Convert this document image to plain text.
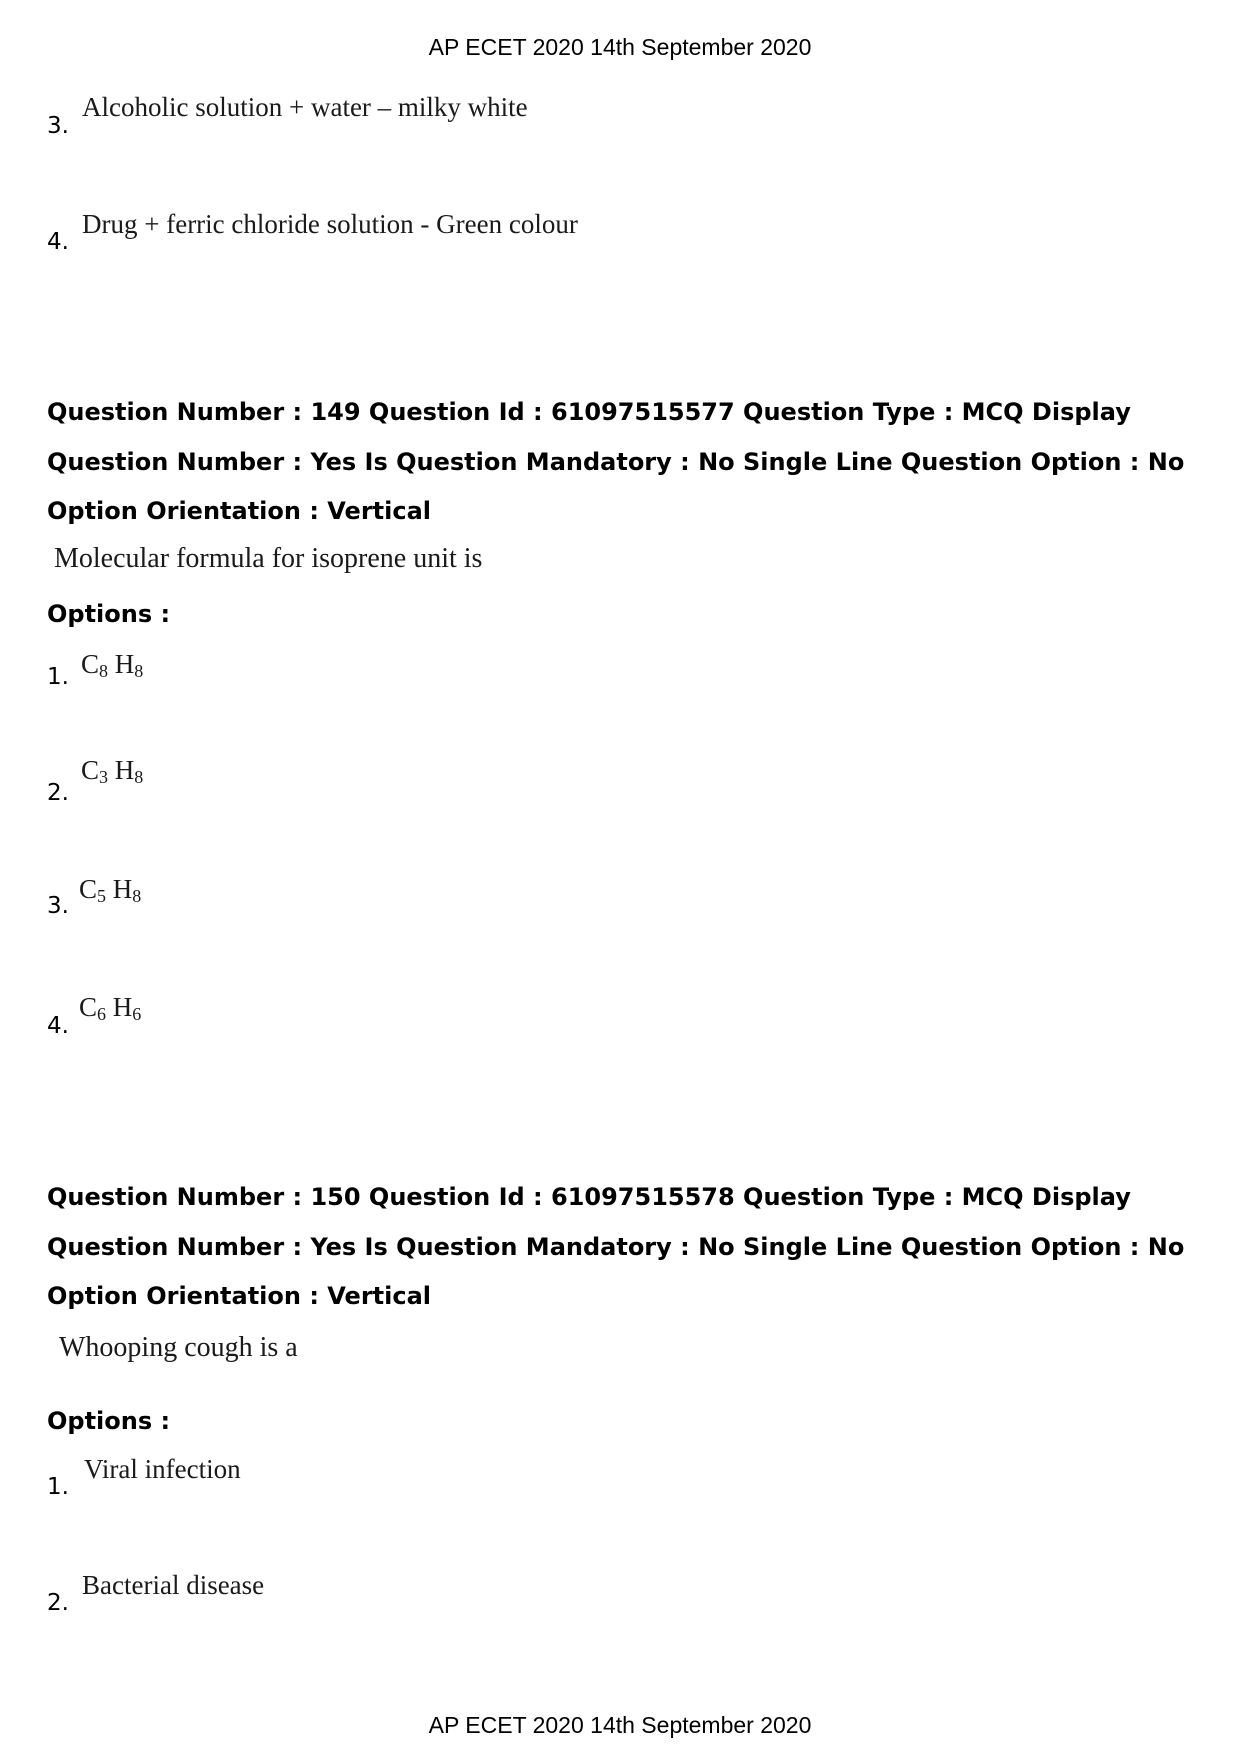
AP ECET 2020 14th September 2020
3.
Alcoholic solution + water – milky white
4.
Drug + ferric chloride solution - Green colour
Question Number : 149 Question Id : 61097515577 Question Type : MCQ Display Question Number : Yes Is Question Mandatory : No Single Line Question Option : No Option Orientation : Vertical
Molecular formula for isoprene unit is
Options :
1. $C_8$ $H_8$
2.
$C_3$ $H_8$
3.
$C_5$ $H_8$
4.
$C_6$ $H_6$
Question Number : 150 Question Id : 61097515578 Question Type : MCQ Display Question Number : Yes Is Question Mandatory : No Single Line Question Option : No Option Orientation : Vertical
Whooping cough is a
Options :
1.
Viral infection
2.
Bacterial disease
AP ECET 2020 14th September 2020
